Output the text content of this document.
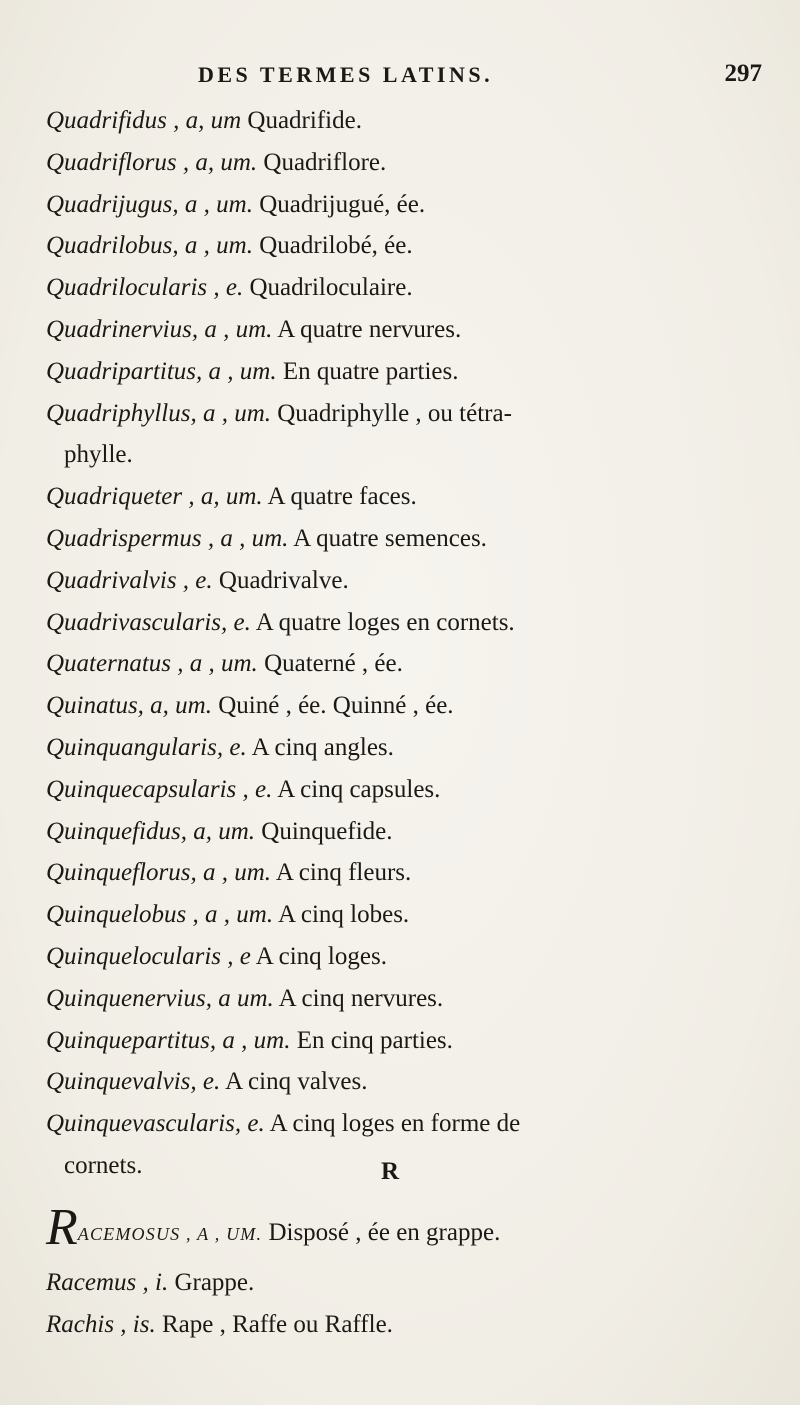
DES TERMES LATINS.	297
Quadrifidus , a, um Quadrifide.
Quadriflorus , a, um. Quadriflore.
Quadrijugus, a , um. Quadrijugué, ée.
Quadrilobus, a , um. Quadrilobé, ée.
Quadrilocularis , e. Quadriloculaire.
Quadrinervius, a , um. A quatre nervures.
Quadripartitus, a , um. En quatre parties.
Quadriphyllus, a , um. Quadriphylle , ou tétra-
phylle.
Quadriqueter , a, um. A quatre faces.
Quadrispermus , a , um. A quatre semences.
Quadrivalvis , e. Quadrivalve.
Quadrivascularis, e. A quatre loges en cornets.
Quaternatus , a , um. Quaterné , ée.
Quinatus, a, um. Quiné , ée. Quinné , ée.
Quinquangularis, e. A cinq angles.
Quinquecapsularis , e. A cinq capsules.
Quinquefidus, a, um. Quinquefide.
Quinqueflorus, a , um. A cinq fleurs.
Quinquelobus , a , um. A cinq lobes.
Quinquelocularis , e A cinq loges.
Quinquenervius, a um. A cinq nervures.
Quinquepartitus, a , um. En cinq parties.
Quinquevalvis, e. A cinq valves.
Quinquevascularis, e. A cinq loges en forme de
cornets.	R
RACEMOSUS , A , UM. Disposé , ée en grappe.
Racemus , i. Grappe.
Rachis , is. Rape , Raffe ou Raffle.
